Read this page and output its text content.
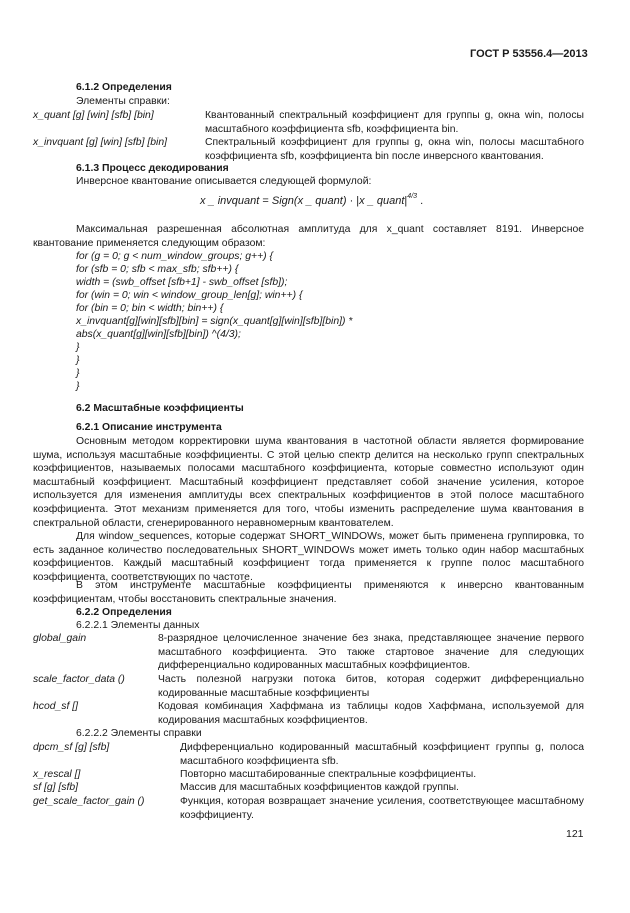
ГОСТ Р 53556.4—2013
6.1.2 Определения
Элементы справки:
x_quant [g] [win] [sfb] [bin]	Квантованный спектральный коэффициент для группы g, окна win, полосы масштабного коэффициента sfb, коэффициента bin.
x_invquant [g] [win] [sfb] [bin]	Спектральный коэффициент для группы g, окна win, полосы масштабного коэффициента sfb, коэффициента bin после инверсного квантования.
6.1.3 Процесс декодирования
Инверсное квантование описывается следующей формулой:
x _ invquant = Sign(x _ quant) · |x _ $quant|^{4/3}$ .
Максимальная разрешенная абсолютная амплитуда для x_quant составляет 8191. Инверсное квантование применяется следующим образом:
for (g = 0; g < num_window_groups; g++) {
for (sfb = 0; sfb < max_sfb; sfb++) {
width = (swb_offset [sfb+1] - swb_offset [sfb]);
for (win = 0; win < window_group_len[g]; win++) {
for (bin = 0; bin < width; bin++) {
x_invquant[g][win][sfb][bin] = sign(x_quant[g][win][sfb][bin]) *
abs(x_quant[g][win][sfb][bin]) ^(4/3);
}
}
}
}
6.2 Масштабные коэффициенты
6.2.1 Описание инструмента
Основным методом корректировки шума квантования в частотной области является формирование шума, используя масштабные коэффициенты. С этой целью спектр делится на несколько групп спектральных коэффициентов, называемых полосами масштабного коэффициента, которые совместно используют один масштабный коэффициент. Масштабный коэффициент представляет собой значение усиления, которое используется для изменения амплитуды всех спектральных коэффициентов в этой полосе масштабного коэффициента. Этот механизм применяется для того, чтобы изменить распределение шума квантования в спектральной области, сгенерированного неравномерным квантователем.
Для window_sequences, которые содержат SHORT_WINDOWs, может быть применена группировка, то есть заданное количество последовательных SHORT_WINDOWs может иметь только один набор масштабных коэффициентов. Каждый масштабный коэффициент тогда применяется к группе полос масштабного коэффициента, соответствующих по частоте.
В этом инструменте масштабные коэффициенты применяются к инверсно квантованным коэффициентам, чтобы восстановить спектральные значения.
6.2.2 Определения
6.2.2.1 Элементы данных
global_gain	8-разрядное целочисленное значение без знака, представляющее значение первого масштабного коэффициента. Это также стартовое значение для следующих дифференциально кодированных масштабных коэффициентов.
scale_factor_data ()	Часть полезной нагрузки потока битов, которая содержит дифференциально кодированные масштабные коэффициенты
hcod_sf []	Кодовая комбинация Хаффмана из таблицы кодов Хаффмана, используемой для кодирования масштабных коэффициентов.
6.2.2.2 Элементы справки
dpcm_sf [g] [sfb]	Дифференциально кодированный масштабный коэффициент группы g, полоса масштабного коэффициента sfb.
x_rescal []	Повторно масштабированные спектральные коэффициенты.
sf [g] [sfb]	Массив для масштабных коэффициентов каждой группы.
get_scale_factor_gain ()	Функция, которая возвращает значение усиления, соответствующее масштабному коэффициенту.
121
